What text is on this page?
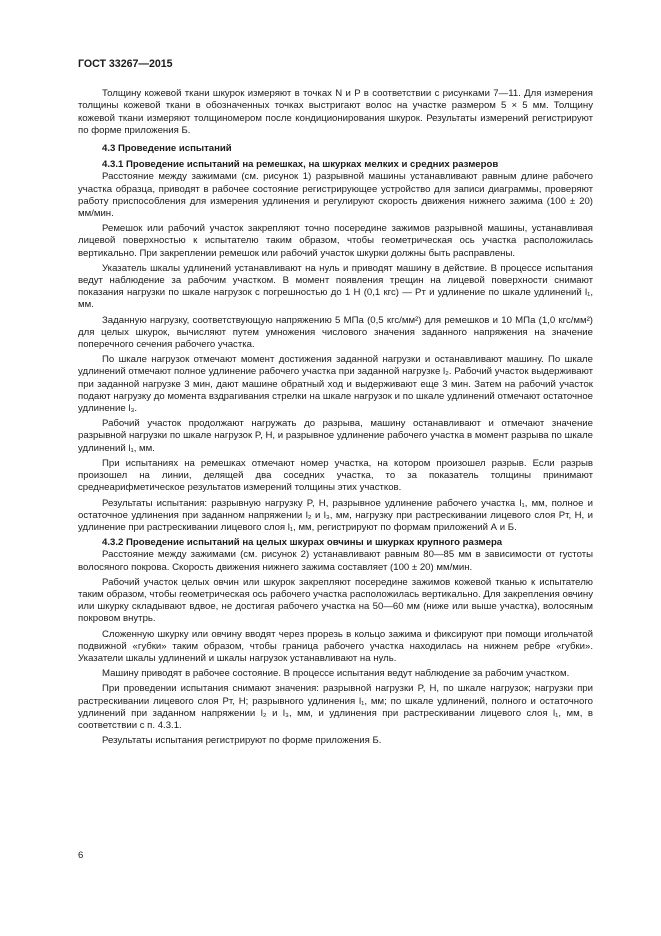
ГОСТ 33267—2015

Толщину кожевой ткани шкурок измеряют в точках N и P в соответствии с рисунками 7—11. Для измерения толщины кожевой ткани в обозначенных точках выстригают волос на участке размером 5 × 5 мм. Толщину кожевой ткани измеряют толщиномером после кондиционирования шкурок. Результаты измерений регистрируют по форме приложения Б.

4.3 Проведение испытаний
4.3.1 Проведение испытаний на ремешках, на шкурках мелких и средних размеров

Расстояние между зажимами (см. рисунок 1) разрывной машины устанавливают равным длине рабочего участка образца, приводят в рабочее состояние регистрирующее устройство для записи диаграммы, проверяют работу приспособления для измерения удлинения и регулируют скорость движения нижнего зажима (100 ± 20) мм/мин.

Ремешок или рабочий участок закрепляют точно посередине зажимов разрывной машины, устанавливая лицевой поверхностью к испытателю таким образом, чтобы геометрическая ось участка расположилась вертикально. При закреплении ремешок или рабочий участок шкурки должны быть расправлены.

Указатель шкалы удлинений устанавливают на нуль и приводят машину в действие. В процессе испытания ведут наблюдение за рабочим участком. В момент появления трещин на лицевой поверхности снимают показания нагрузки по шкале нагрузок с погрешностью до 1 Н (0,1 кгс) — Pт и удлинение по шкале удлинений l₁, мм.

Заданную нагрузку, соответствующую напряжению 5 МПа (0,5 кгс/мм²) для ремешков и 10 МПа (1,0 кгс/мм²) для целых шкурок, вычисляют путем умножения числового значения заданного напряжения на значение поперечного сечения рабочего участка.

По шкале нагрузок отмечают момент достижения заданной нагрузки и останавливают машину. По шкале удлинений отмечают полное удлинение рабочего участка при заданной нагрузке l₂. Рабочий участок выдерживают при заданной нагрузке 3 мин, дают машине обратный ход и выдерживают еще 3 мин. Затем на рабочий участок подают нагрузку до момента вздрагивания стрелки на шкале нагрузок и по шкале удлинений отмечают остаточное удлинение l₃.

Рабочий участок продолжают нагружать до разрыва, машину останавливают и отмечают значение разрывной нагрузки по шкале нагрузок P, Н, и разрывное удлинение рабочего участка в момент разрыва по шкале удлинений l₁, мм.

При испытаниях на ремешках отмечают номер участка, на котором произошел разрыв. Если разрыв произошел на линии, делящей два соседних участка, то за показатель толщины принимают среднеарифметическое результатов измерений толщины этих участков.

Результаты испытания: разрывную нагрузку P, Н, разрывное удлинение рабочего участка l₁, мм, полное и остаточное удлинения при заданном напряжении l₂ и l₃, мм, нагрузку при растрескивании лицевого слоя Pт, Н, и удлинение при растрескивании лицевого слоя l₁, мм, регистрируют по формам приложений А и Б.

4.3.2 Проведение испытаний на целых шкурах овчины и шкурках крупного размера

Расстояние между зажимами (см. рисунок 2) устанавливают равным 80—85 мм в зависимости от густоты волосяного покрова. Скорость движения нижнего зажима составляет (100 ± 20) мм/мин.

Рабочий участок целых овчин или шкурок закрепляют посередине зажимов кожевой тканью к испытателю таким образом, чтобы геометрическая ось рабочего участка расположилась вертикально. Для закрепления овчину или шкурку складывают вдвое, не достигая рабочего участка на 50—60 мм (ниже или выше участка), волосяным покровом внутрь.

Сложенную шкурку или овчину вводят через прорезь в кольцо зажима и фиксируют при помощи игольчатой подвижной «губки» таким образом, чтобы граница рабочего участка находилась на нижнем ребре «губки». Указатели шкалы удлинений и шкалы нагрузок устанавливают на нуль.

Машину приводят в рабочее состояние. В процессе испытания ведут наблюдение за рабочим участком.

При проведении испытания снимают значения: разрывной нагрузки P, Н, по шкале нагрузок; нагрузки при растрескивании лицевого слоя Pт, Н; разрывного удлинения l₁, мм; по шкале удлинений, полного и остаточного удлинений при заданном напряжении l₂ и l₃, мм, и удлинения при растрескивании лицевого слоя l₁, мм, в соответствии с п. 4.3.1.

Результаты испытания регистрируют по форме приложения Б.

6
